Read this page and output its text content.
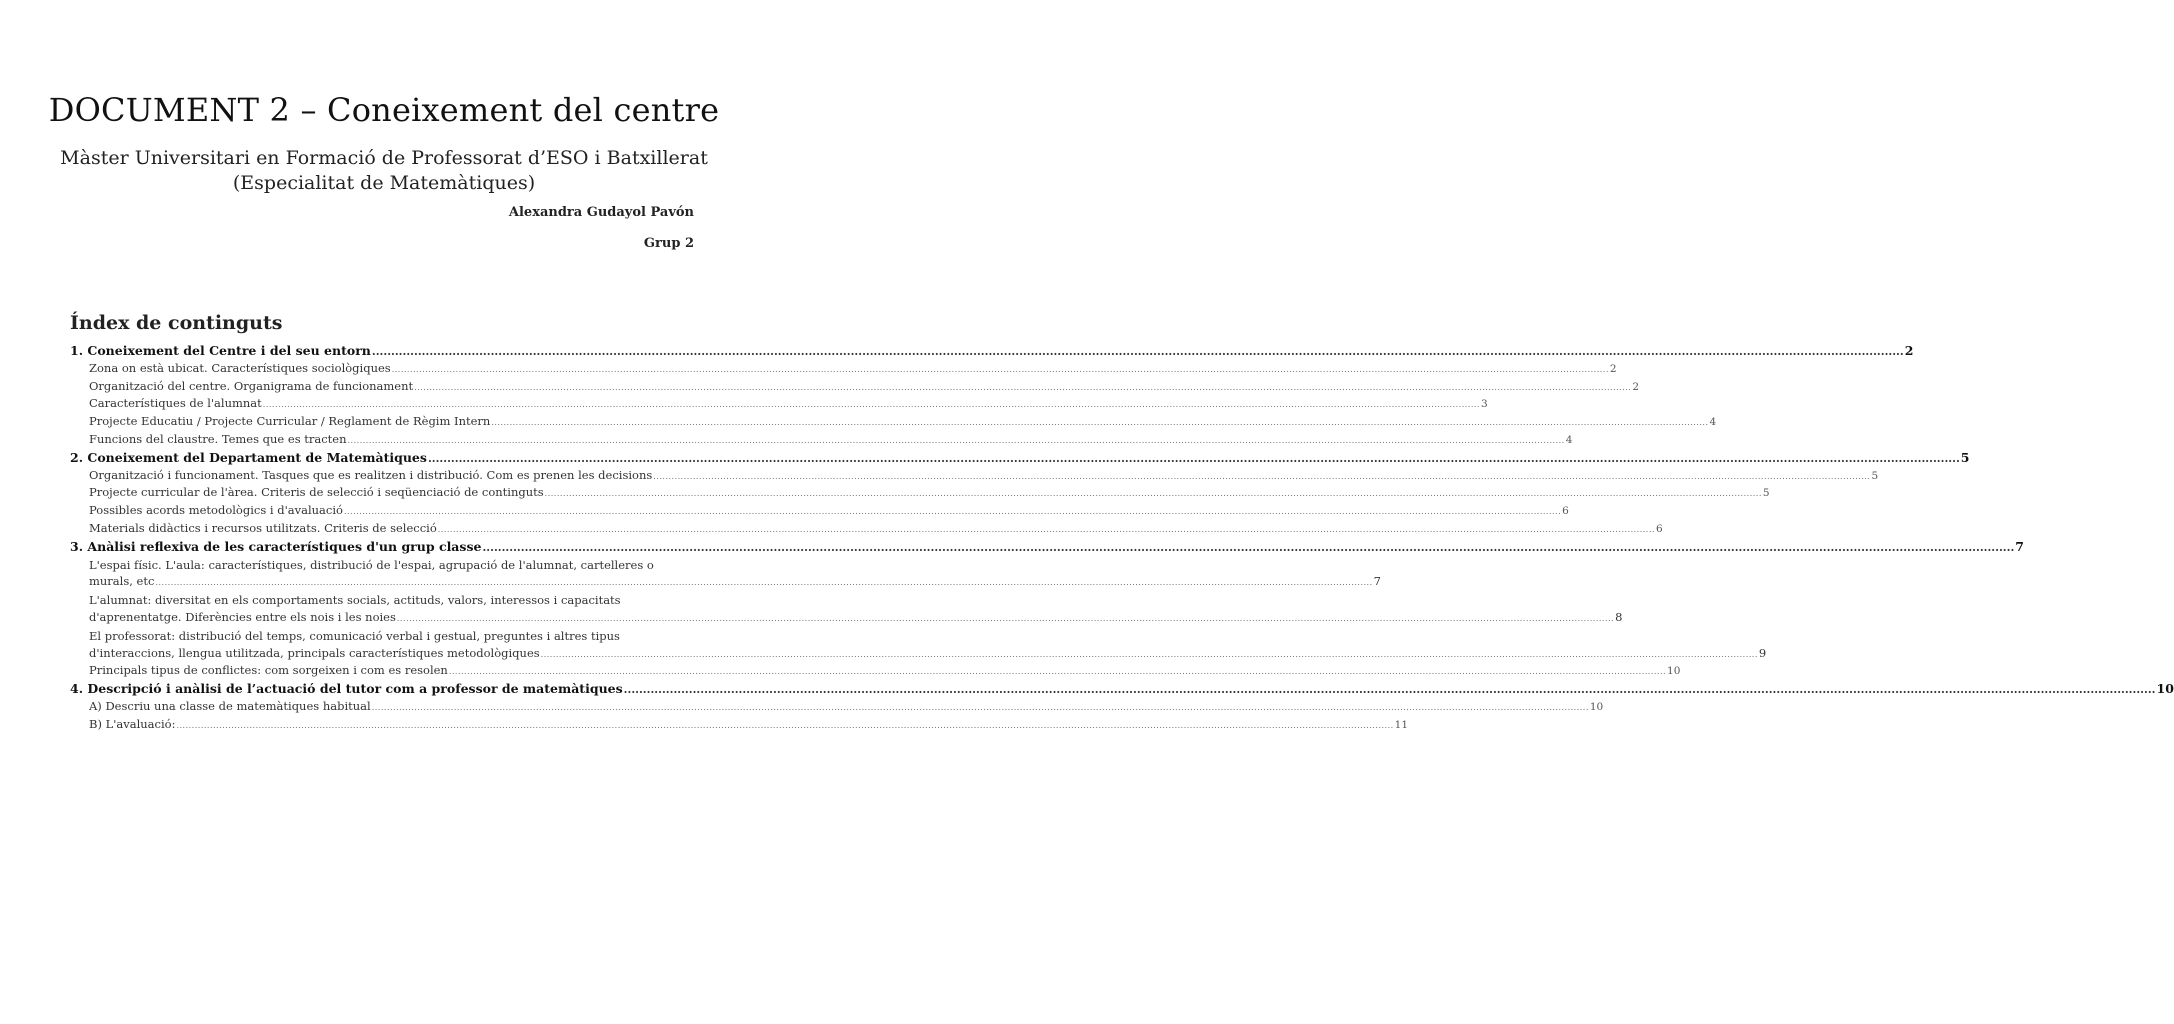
DOCUMENT 2 – Coneixement del centre
Màster Universitari en Formació de Professorat d’ESO i Batxillerat
(Especialitat de Matemàtiques)
Alexandra Gudayol Pavón
Grup 2
Índex de continguts
1. Coneixement del Centre i del seu entorn ................................................................................................................................................................................................................................................................................................................................................................................................................ 2
Zona on està ubicat. Característiques sociològiques ................................................................................................................................................................................................................................................................................................................................................................................................................ 2
Organització del centre. Organigrama de funcionament ................................................................................................................................................................................................................................................................................................................................................................................................................ 2
Característiques de l'alumnat ................................................................................................................................................................................................................................................................................................................................................................................................................ 3
Projecte Educatiu / Projecte Curricular / Reglament de Règim Intern ................................................................................................................................................................................................................................................................................................................................................................................................................ 4
Funcions del claustre. Temes que es tracten ................................................................................................................................................................................................................................................................................................................................................................................................................ 4
2. Coneixement del Departament de Matemàtiques ................................................................................................................................................................................................................................................................................................................................................................................................................ 5
Organització i funcionament. Tasques que es realitzen i distribució. Com es prenen les decisions ................................................................................................................................................................................................................................................................................................................................................................................................................ 5
Projecte curricular de l'àrea. Criteris de selecció i seqüenciació de continguts ................................................................................................................................................................................................................................................................................................................................................................................................................ 5
Possibles acords metodològics i d'avaluació ................................................................................................................................................................................................................................................................................................................................................................................................................ 6
Materials didàctics i recursos utilitzats. Criteris de selecció ................................................................................................................................................................................................................................................................................................................................................................................................................ 6
3. Anàlisi reflexiva de les característiques d'un grup classe ................................................................................................................................................................................................................................................................................................................................................................................................................ 7
L'espai físic. L'aula: característiques, distribució de l'espai, agrupació de l'alumnat, cartelleres o
murals, etc ................................................................................................................................................................................................................................................................................................................................................................................................................ 7
L'alumnat: diversitat en els comportaments socials, actituds, valors, interessos i capacitats
d'aprenentatge. Diferències entre els nois i les noies ................................................................................................................................................................................................................................................................................................................................................................................................................ 8
El professorat: distribució del temps, comunicació verbal i gestual, preguntes i altres tipus
d'interaccions, llengua utilitzada, principals característiques metodològiques ................................................................................................................................................................................................................................................................................................................................................................................................................ 9
Principals tipus de conflictes: com sorgeixen i com es resolen ................................................................................................................................................................................................................................................................................................................................................................................................................ 10
4. Descripció i anàlisi de l’actuació del tutor com a professor de matemàtiques ................................................................................................................................................................................................................................................................................................................................................................................................................ 10
A) Descriu una classe de matemàtiques habitual ................................................................................................................................................................................................................................................................................................................................................................................................................ 10
B) L'avaluació: ................................................................................................................................................................................................................................................................................................................................................................................................................ 11
